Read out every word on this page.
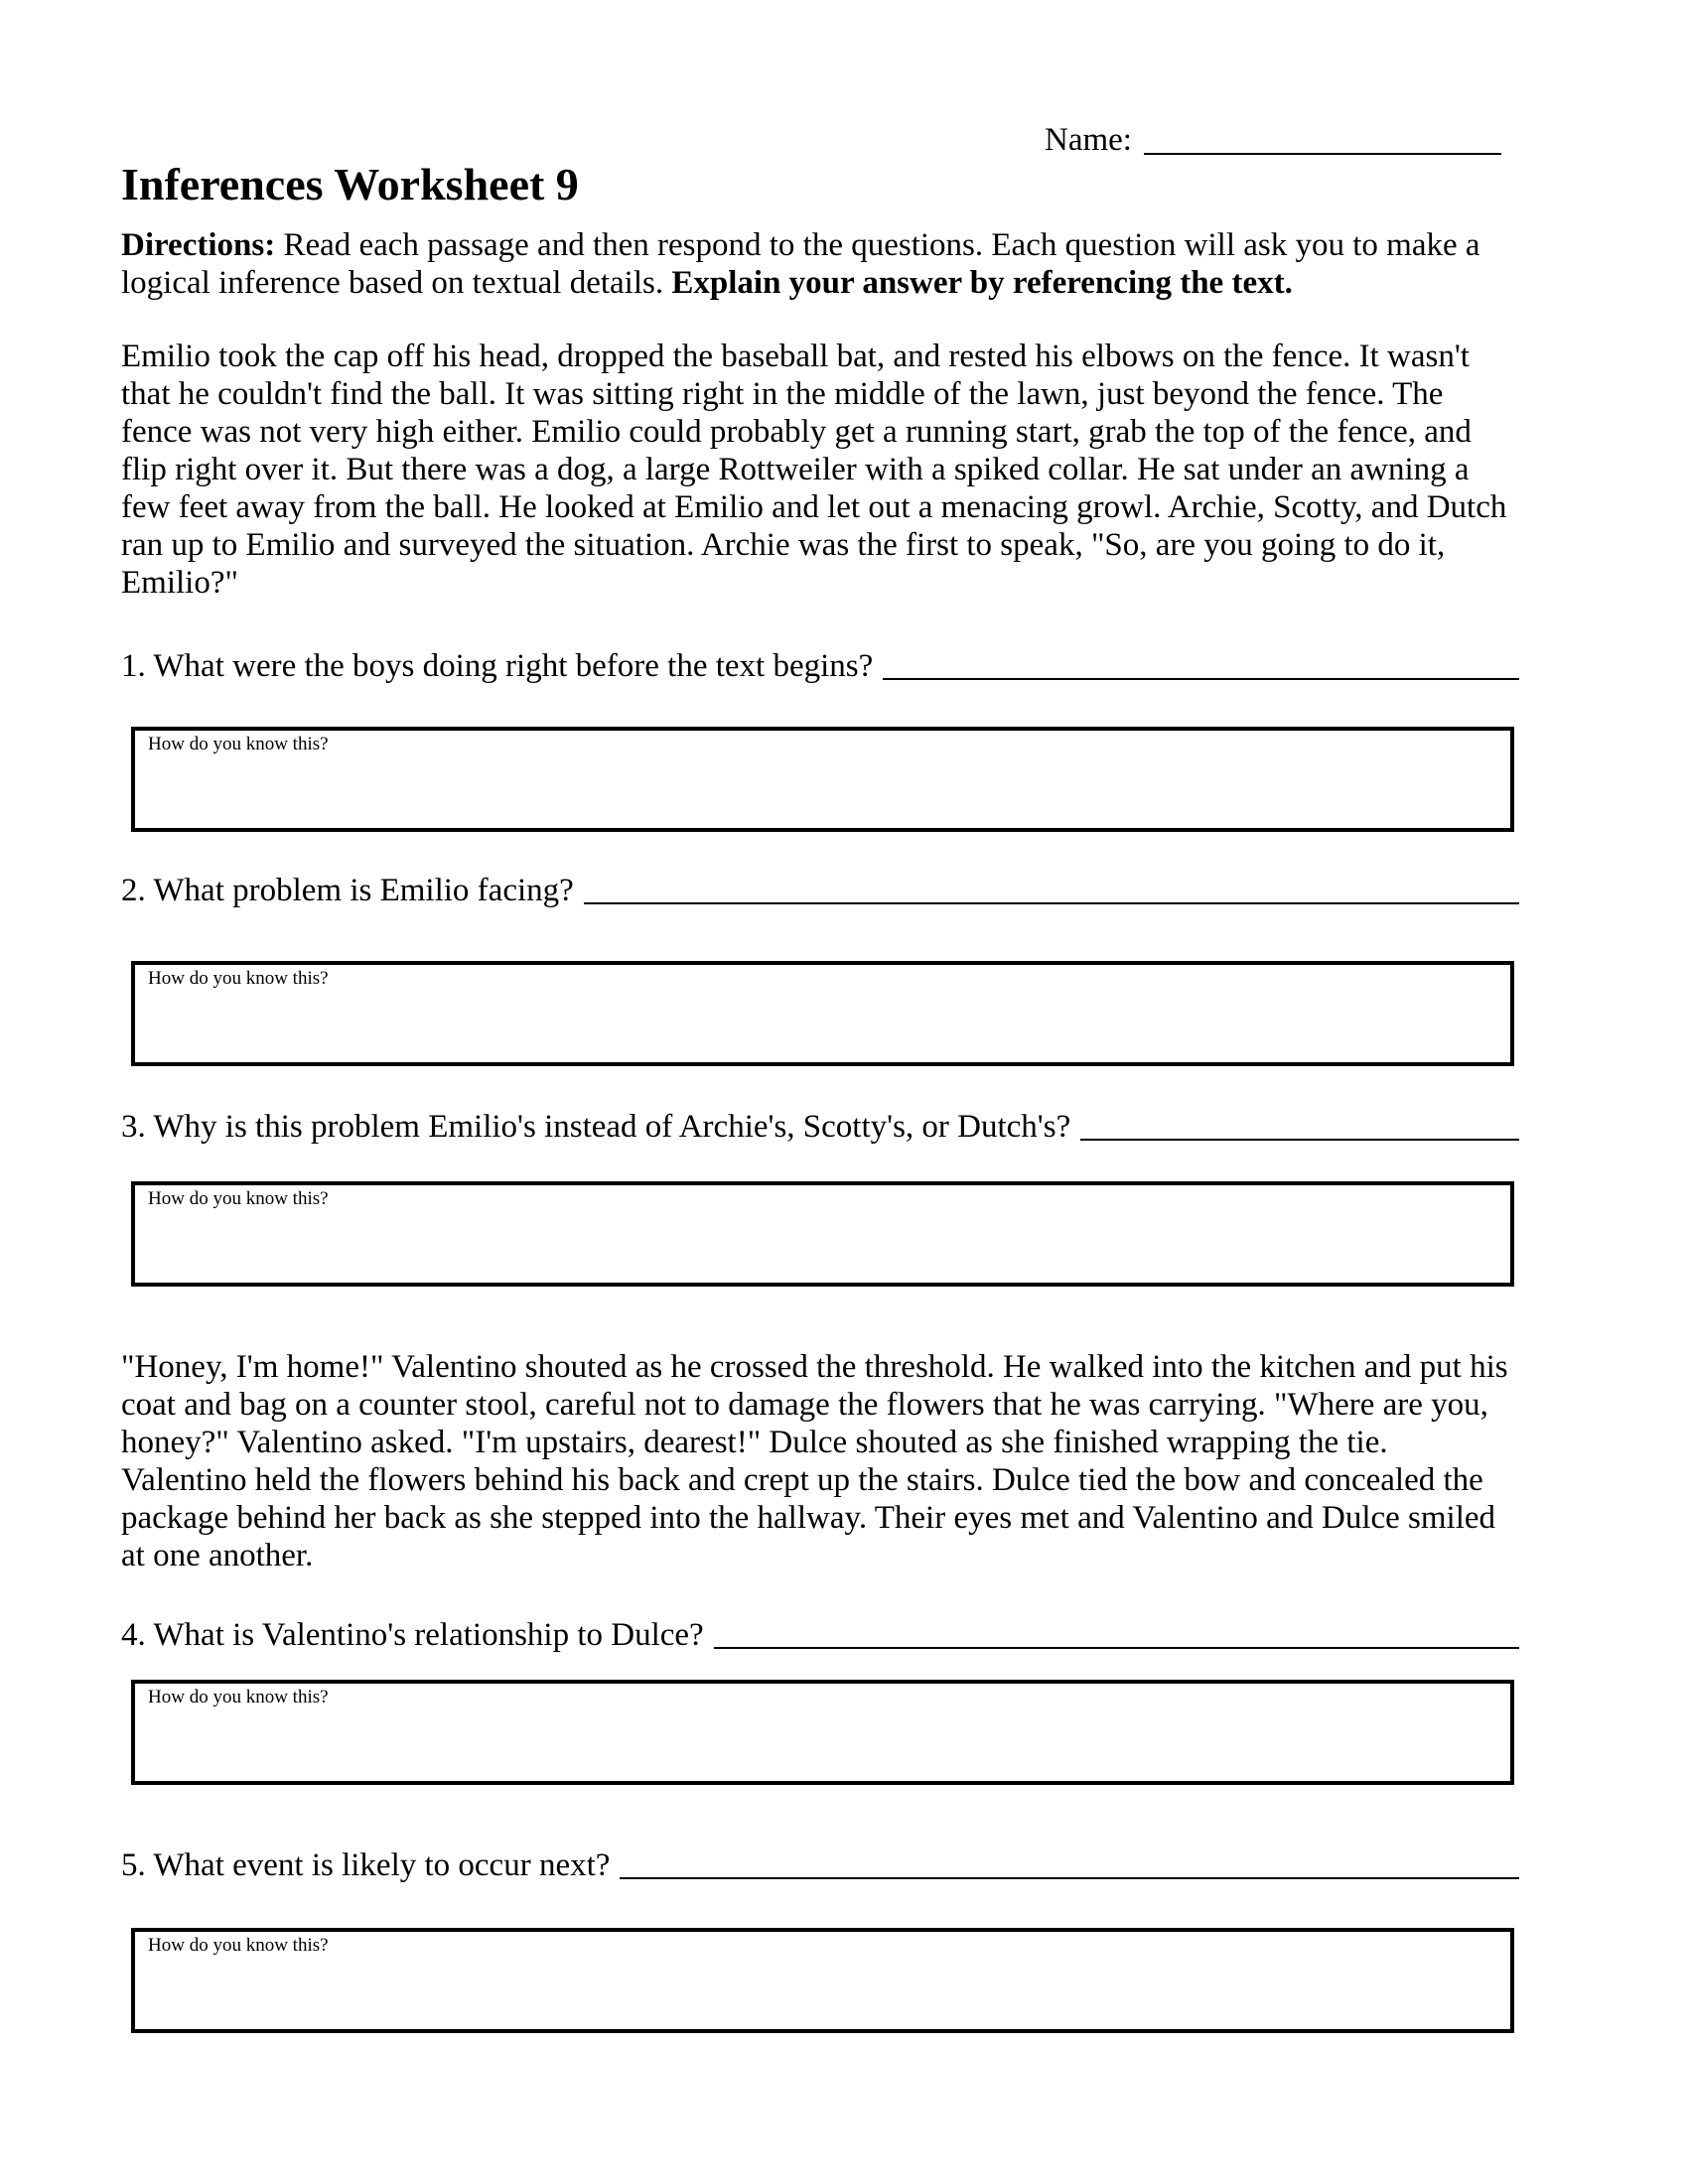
Name:
Inferences Worksheet 9

Directions: Read each passage and then respond to the questions. Each question will ask you to make a logical inference based on textual details. Explain your answer by referencing the text.

Emilio took the cap off his head, dropped the baseball bat, and rested his elbows on the fence. It wasn't that he couldn't find the ball. It was sitting right in the middle of the lawn, just beyond the fence. The fence was not very high either. Emilio could probably get a running start, grab the top of the fence, and flip right over it. But there was a dog, a large Rottweiler with a spiked collar. He sat under an awning a few feet away from the ball. He looked at Emilio and let out a menacing growl. Archie, Scotty, and Dutch ran up to Emilio and surveyed the situation. Archie was the first to speak, "So, are you going to do it, Emilio?"

1. What were the boys doing right before the text begins?
How do you know this?
2. What problem is Emilio facing?
How do you know this?
3. Why is this problem Emilio's instead of Archie's, Scotty's, or Dutch's?
How do you know this?

"Honey, I'm home!" Valentino shouted as he crossed the threshold. He walked into the kitchen and put his coat and bag on a counter stool, careful not to damage the flowers that he was carrying. "Where are you, honey?" Valentino asked. "I'm upstairs, dearest!" Dulce shouted as she finished wrapping the tie. Valentino held the flowers behind his back and crept up the stairs. Dulce tied the bow and concealed the package behind her back as she stepped into the hallway. Their eyes met and Valentino and Dulce smiled at one another.

4. What is Valentino's relationship to Dulce?
How do you know this?
5. What event is likely to occur next?
How do you know this?
